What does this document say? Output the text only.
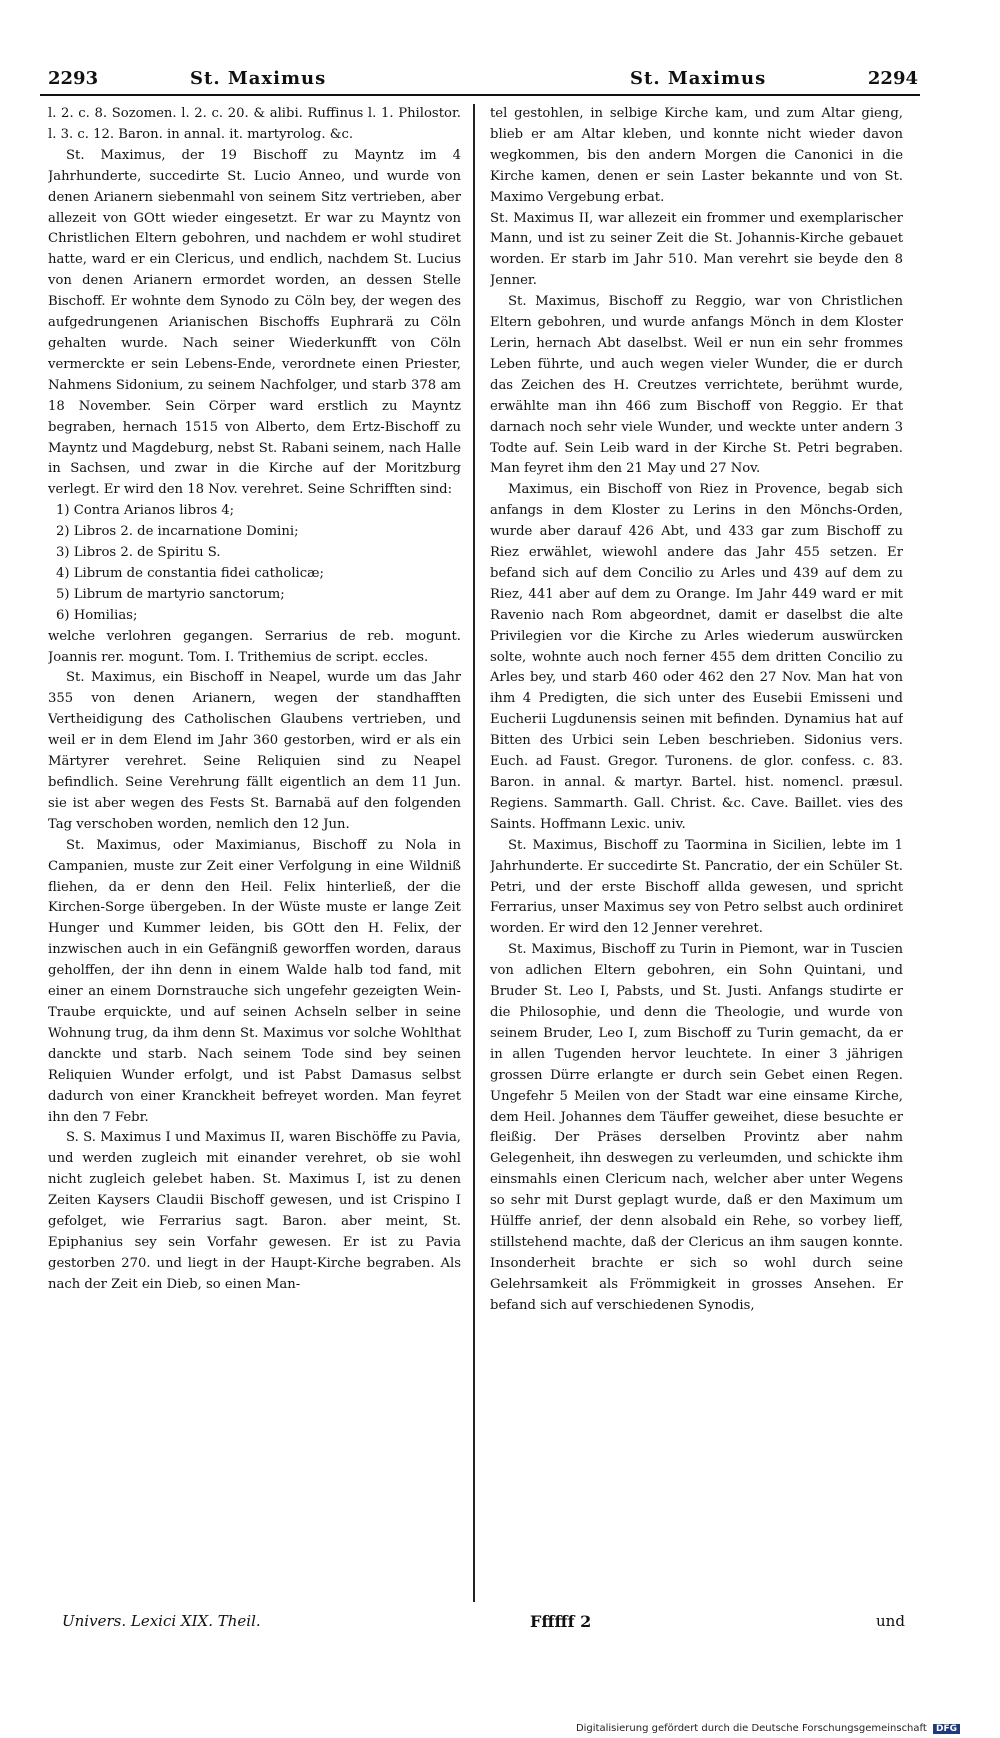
2293	St. Maximus	St. Maximus	2294

l. 2. c. 8. Sozomen. l. 2. c. 20. & alibi. Ruffinus l. 1. Philostor. l. 3. c. 12. Baron. in annal. it. martyrolog. &c.

St. Maximus, der 19 Bischoff zu Mayntz im 4 Jahrhunderte, succedirte St. Lucio Anneo, und wurde von denen Arianern siebenmahl von seinem Sitz vertrieben, aber allezeit von GOtt wieder eingesetzt. Er war zu Mayntz von Christlichen Eltern gebohren, und nachdem er wohl studiret hatte, ward er ein Clericus, und endlich, nachdem St. Lucius von denen Arianern ermordet worden, an dessen Stelle Bischoff. Er wohnte dem Synodo zu Cöln bey, der wegen des aufgedrungenen Arianischen Bischoffs Euphrarä zu Cöln gehalten wurde. Nach seiner Wiederkunfft von Cöln vermerckte er sein Lebens-Ende, verordnete einen Priester, Nahmens Sidonium, zu seinem Nachfolger, und starb 378 am 18 November. Sein Cörper ward erstlich zu Mayntz begraben, hernach 1515 von Alberto, dem Ertz-Bischoff zu Mayntz und Magdeburg, nebst St. Rabani seinem, nach Halle in Sachsen, und zwar in die Kirche auf der Moritzburg verlegt. Er wird den 18 Nov. verehret. Seine Schrifften sind:

1) Contra Arianos libros 4;
2) Libros 2. de incarnatione Domini;
3) Libros 2. de Spiritu S.
4) Librum de constantia fidei catholicæ;
5) Librum de martyrio sanctorum;
6) Homilias;

welche verlohren gegangen. Serrarius de reb. mogunt. Joannis rer. mogunt. Tom. I. Trithemius de script. eccles.

St. Maximus, ein Bischoff in Neapel, wurde um das Jahr 355 von denen Arianern, wegen der standhafften Vertheidigung des Catholischen Glaubens vertrieben, und weil er in dem Elend im Jahr 360 gestorben, wird er als ein Märtyrer verehret. Seine Reliquien sind zu Neapel befindlich. Seine Verehrung fällt eigentlich an dem 11 Jun. sie ist aber wegen des Fests St. Barnabä auf den folgenden Tag verschoben worden, nemlich den 12 Jun.

St. Maximus, oder Maximianus, Bischoff zu Nola in Campanien, muste zur Zeit einer Verfolgung in eine Wildniß fliehen, da er denn den Heil. Felix hinterließ, der die Kirchen-Sorge übergeben. In der Wüste muste er lange Zeit Hunger und Kummer leiden, bis GOtt den H. Felix, der inzwischen auch in ein Gefängniß geworffen worden, daraus geholffen, der ihn denn in einem Walde halb tod fand, mit einer an einem Dornstrauche sich ungefehr gezeigten Wein-Traube erquickte, und auf seinen Achseln selber in seine Wohnung trug, da ihm denn St. Maximus vor solche Wohlthat danckte und starb. Nach seinem Tode sind bey seinen Reliquien Wunder erfolgt, und ist Pabst Damasus selbst dadurch von einer Kranckheit befreyet worden. Man feyret ihn den 7 Febr.

S. S. Maximus I und Maximus II, waren Bischöffe zu Pavia, und werden zugleich mit einander verehret, ob sie wohl nicht zugleich gelebet haben. St. Maximus I, ist zu denen Zeiten Kaysers Claudii Bischoff gewesen, und ist Crispino I gefolget, wie Ferrarius sagt. Baron. aber meint, St. Epiphanius sey sein Vorfahr gewesen. Er ist zu Pavia gestorben 270. und liegt in der Haupt-Kirche begraben. Als nach der Zeit ein Dieb, so einen Man-

tel gestohlen, in selbige Kirche kam, und zum Altar gieng, blieb er am Altar kleben, und konnte nicht wieder davon wegkommen, bis den andern Morgen die Canonici in die Kirche kamen, denen er sein Laster bekannte und von St. Maximo Vergebung erbat.

St. Maximus II, war allezeit ein frommer und exemplarischer Mann, und ist zu seiner Zeit die St. Johannis-Kirche gebauet worden. Er starb im Jahr 510. Man verehrt sie beyde den 8 Jenner.

St. Maximus, Bischoff zu Reggio, war von Christlichen Eltern gebohren, und wurde anfangs Mönch in dem Kloster Lerin, hernach Abt daselbst. Weil er nun ein sehr frommes Leben führte, und auch wegen vieler Wunder, die er durch das Zeichen des H. Creutzes verrichtete, berühmt wurde, erwählte man ihn 466 zum Bischoff von Reggio. Er that darnach noch sehr viele Wunder, und weckte unter andern 3 Todte auf. Sein Leib ward in der Kirche St. Petri begraben. Man feyret ihm den 21 May und 27 Nov.

Maximus, ein Bischoff von Riez in Provence, begab sich anfangs in dem Kloster zu Lerins in den Mönchs-Orden, wurde aber darauf 426 Abt, und 433 gar zum Bischoff zu Riez erwählet, wiewohl andere das Jahr 455 setzen. Er befand sich auf dem Concilio zu Arles und 439 auf dem zu Riez, 441 aber auf dem zu Orange. Im Jahr 449 ward er mit Ravenio nach Rom abgeordnet, damit er daselbst die alte Privilegien vor die Kirche zu Arles wiederum auswürcken solte, wohnte auch noch ferner 455 dem dritten Concilio zu Arles bey, und starb 460 oder 462 den 27 Nov. Man hat von ihm 4 Predigten, die sich unter des Eusebii Emisseni und Eucherii Lugdunensis seinen mit befinden. Dynamius hat auf Bitten des Urbici sein Leben beschrieben. Sidonius vers. Euch. ad Faust. Gregor. Turonens. de glor. confess. c. 83. Baron. in annal. & martyr. Bartel. hist. nomencl. præsul. Regiens. Sammarth. Gall. Christ. &c. Cave. Baillet. vies des Saints. Hoffmann Lexic. univ.

St. Maximus, Bischoff zu Taormina in Sicilien, lebte im 1 Jahrhunderte. Er succedirte St. Pancratio, der ein Schüler St. Petri, und der erste Bischoff allda gewesen, und spricht Ferrarius, unser Maximus sey von Petro selbst auch ordiniret worden. Er wird den 12 Jenner verehret.

St. Maximus, Bischoff zu Turin in Piemont, war in Tuscien von adlichen Eltern gebohren, ein Sohn Quintani, und Bruder St. Leo I, Pabsts, und St. Justi. Anfangs studirte er die Philosophie, und denn die Theologie, und wurde von seinem Bruder, Leo I, zum Bischoff zu Turin gemacht, da er in allen Tugenden hervor leuchtete. In einer 3 jährigen grossen Dürre erlangte er durch sein Gebet einen Regen. Ungefehr 5 Meilen von der Stadt war eine einsame Kirche, dem Heil. Johannes dem Täuffer geweihet, diese besuchte er fleißig. Der Präses derselben Provintz aber nahm Gelegenheit, ihn deswegen zu verleumden, und schickte ihm einsmahls einen Clericum nach, welcher aber unter Wegens so sehr mit Durst geplagt wurde, daß er den Maximum um Hülffe anrief, der denn alsobald ein Rehe, so vorbey lieff, stillstehend machte, daß der Clericus an ihm saugen konnte. Insonderheit brachte er sich so wohl durch seine Gelehrsamkeit als Frömmigkeit in grosses Ansehen. Er befand sich auf verschiedenen Synodis,

Univers. Lexici XIX. Theil.	Ffffff 2	und
Digitalisierung gefördert durch die Deutsche Forschungsgemeinschaft DFG
